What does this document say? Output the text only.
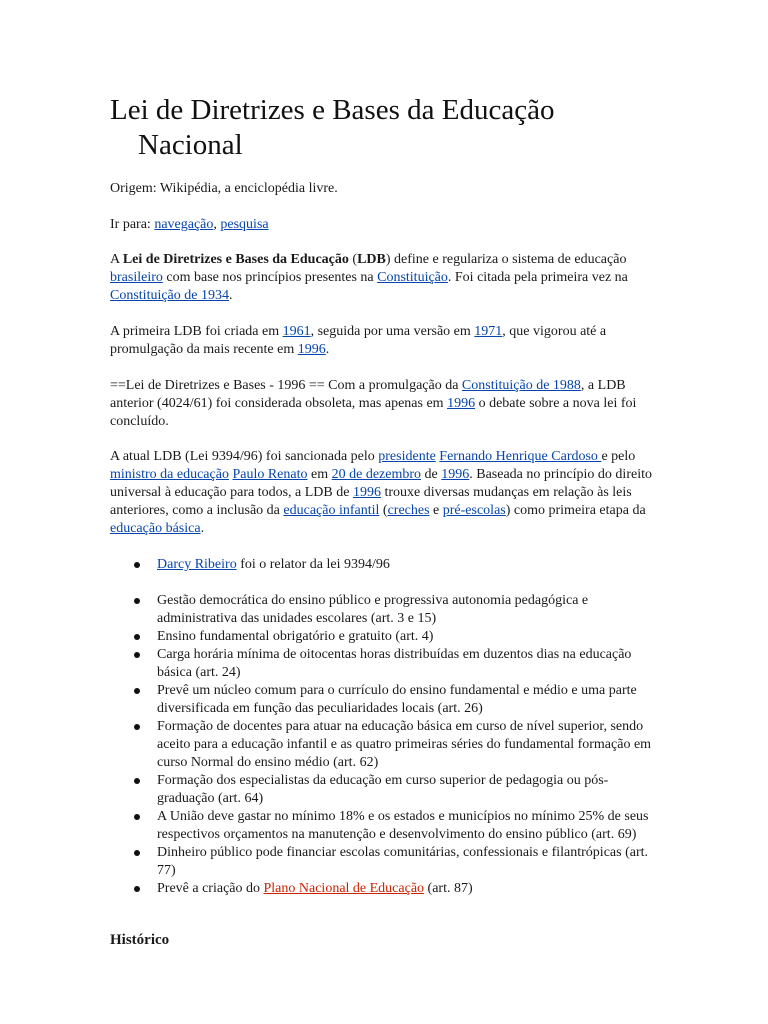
Lei de Diretrizes e Bases da Educação
Nacional

Origem: Wikipédia, a enciclopédia livre.

Ir para: navegação, pesquisa

A Lei de Diretrizes e Bases da Educação (LDB) define e regulariza o sistema de educação brasileiro com base nos princípios presentes na Constituição. Foi citada pela primeira vez na Constituição de 1934.

A primeira LDB foi criada em 1961, seguida por uma versão em 1971, que vigorou até a promulgação da mais recente em 1996.

==Lei de Diretrizes e Bases - 1996 == Com a promulgação da Constituição de 1988, a LDB anterior (4024/61) foi considerada obsoleta, mas apenas em 1996 o debate sobre a nova lei foi concluído.

A atual LDB (Lei 9394/96) foi sancionada pelo presidente Fernando Henrique Cardoso e pelo ministro da educação Paulo Renato em 20 de dezembro de 1996. Baseada no princípio do direito universal à educação para todos, a LDB de 1996 trouxe diversas mudanças em relação às leis anteriores, como a inclusão da educação infantil (creches e pré-escolas) como primeira etapa da educação básica.

Darcy Ribeiro foi o relator da lei 9394/96
Gestão democrática do ensino público e progressiva autonomia pedagógica e administrativa das unidades escolares (art. 3 e 15)
Ensino fundamental obrigatório e gratuito (art. 4)
Carga horária mínima de oitocentas horas distribuídas em duzentos dias na educação básica (art. 24)
Prevê um núcleo comum para o currículo do ensino fundamental e médio e uma parte diversificada em função das peculiaridades locais (art. 26)
Formação de docentes para atuar na educação básica em curso de nível superior, sendo aceito para a educação infantil e as quatro primeiras séries do fundamental formação em curso Normal do ensino médio (art. 62)
Formação dos especialistas da educação em curso superior de pedagogia ou pós-graduação (art. 64)
A União deve gastar no mínimo 18% e os estados e municípios no mínimo 25% de seus respectivos orçamentos na manutenção e desenvolvimento do ensino público (art. 69)
Dinheiro público pode financiar escolas comunitárias, confessionais e filantrópicas (art. 77)
Prevê a criação do Plano Nacional de Educação (art. 87)
Histórico
